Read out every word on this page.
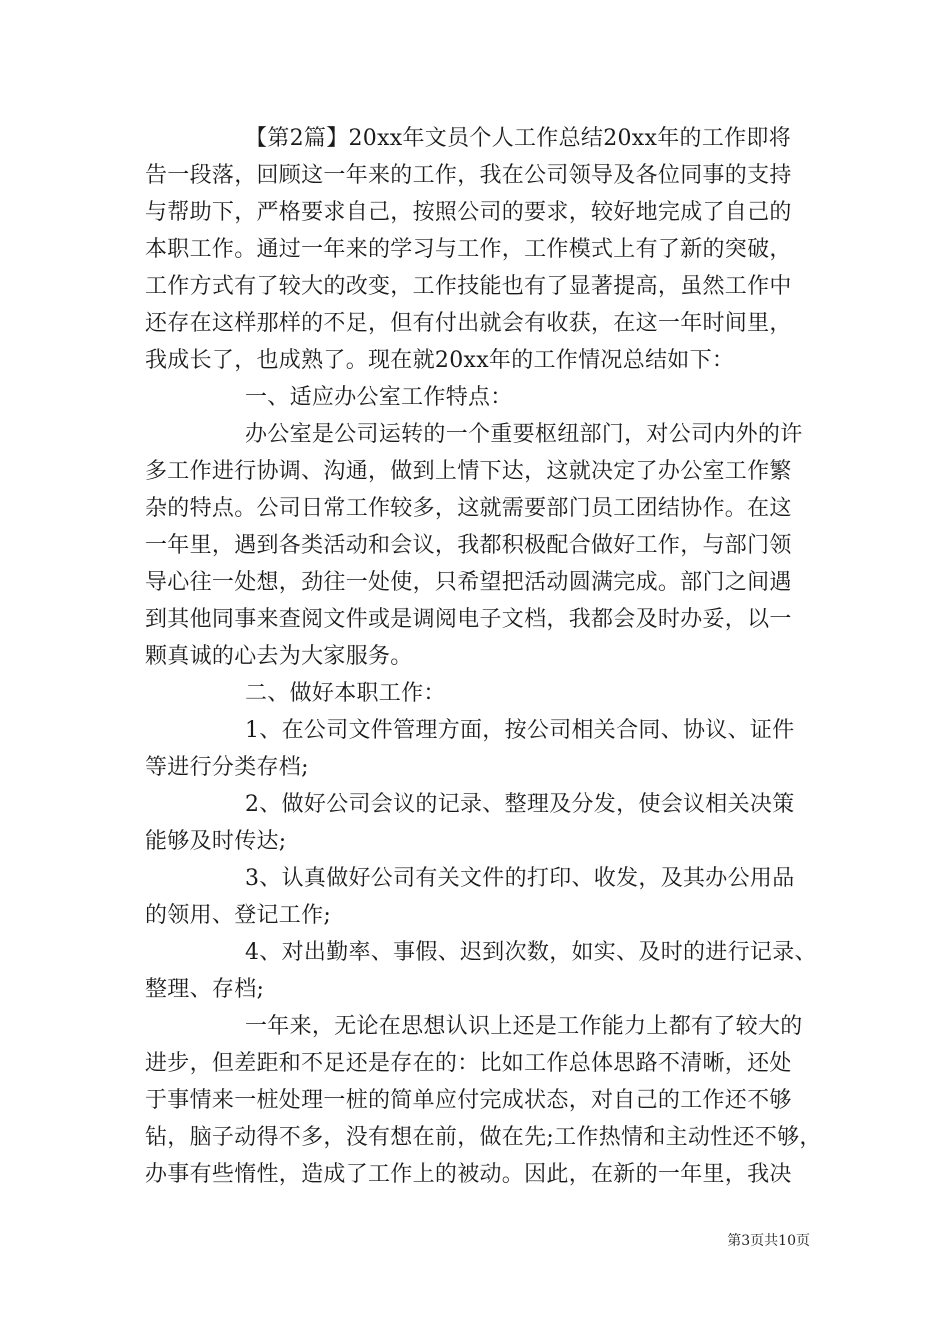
【第2篇】20xx年文员个人工作总结20xx年的工作即将
告一段落，回顾这一年来的工作，我在公司领导及各位同事的支持
与帮助下，严格要求自己，按照公司的要求，较好地完成了自己的
本职工作。通过一年来的学习与工作，工作模式上有了新的突破，
工作方式有了较大的改变，工作技能也有了显著提高，虽然工作中
还存在这样那样的不足，但有付出就会有收获，在这一年时间里，
我成长了，也成熟了。现在就20xx年的工作情况总结如下：
一、适应办公室工作特点：
办公室是公司运转的一个重要枢纽部门，对公司内外的许
多工作进行协调、沟通，做到上情下达，这就决定了办公室工作繁
杂的特点。公司日常工作较多，这就需要部门员工团结协作。在这
一年里，遇到各类活动和会议，我都积极配合做好工作，与部门领
导心往一处想，劲往一处使，只希望把活动圆满完成。部门之间遇
到其他同事来查阅文件或是调阅电子文档，我都会及时办妥，以一
颗真诚的心去为大家服务。
二、做好本职工作：
1、在公司文件管理方面，按公司相关合同、协议、证件
等进行分类存档;
2、做好公司会议的记录、整理及分发，使会议相关决策
能够及时传达;
3、认真做好公司有关文件的打印、收发，及其办公用品
的领用、登记工作;
4、对出勤率、事假、迟到次数，如实、及时的进行记录、
整理、存档;
一年来，无论在思想认识上还是工作能力上都有了较大的
进步，但差距和不足还是存在的：比如工作总体思路不清晰，还处
于事情来一桩处理一桩的简单应付完成状态，对自己的工作还不够
钻，脑子动得不多，没有想在前，做在先;工作热情和主动性还不够，
办事有些惰性，造成了工作上的被动。因此，在新的一年里，我决
第3页共10页
